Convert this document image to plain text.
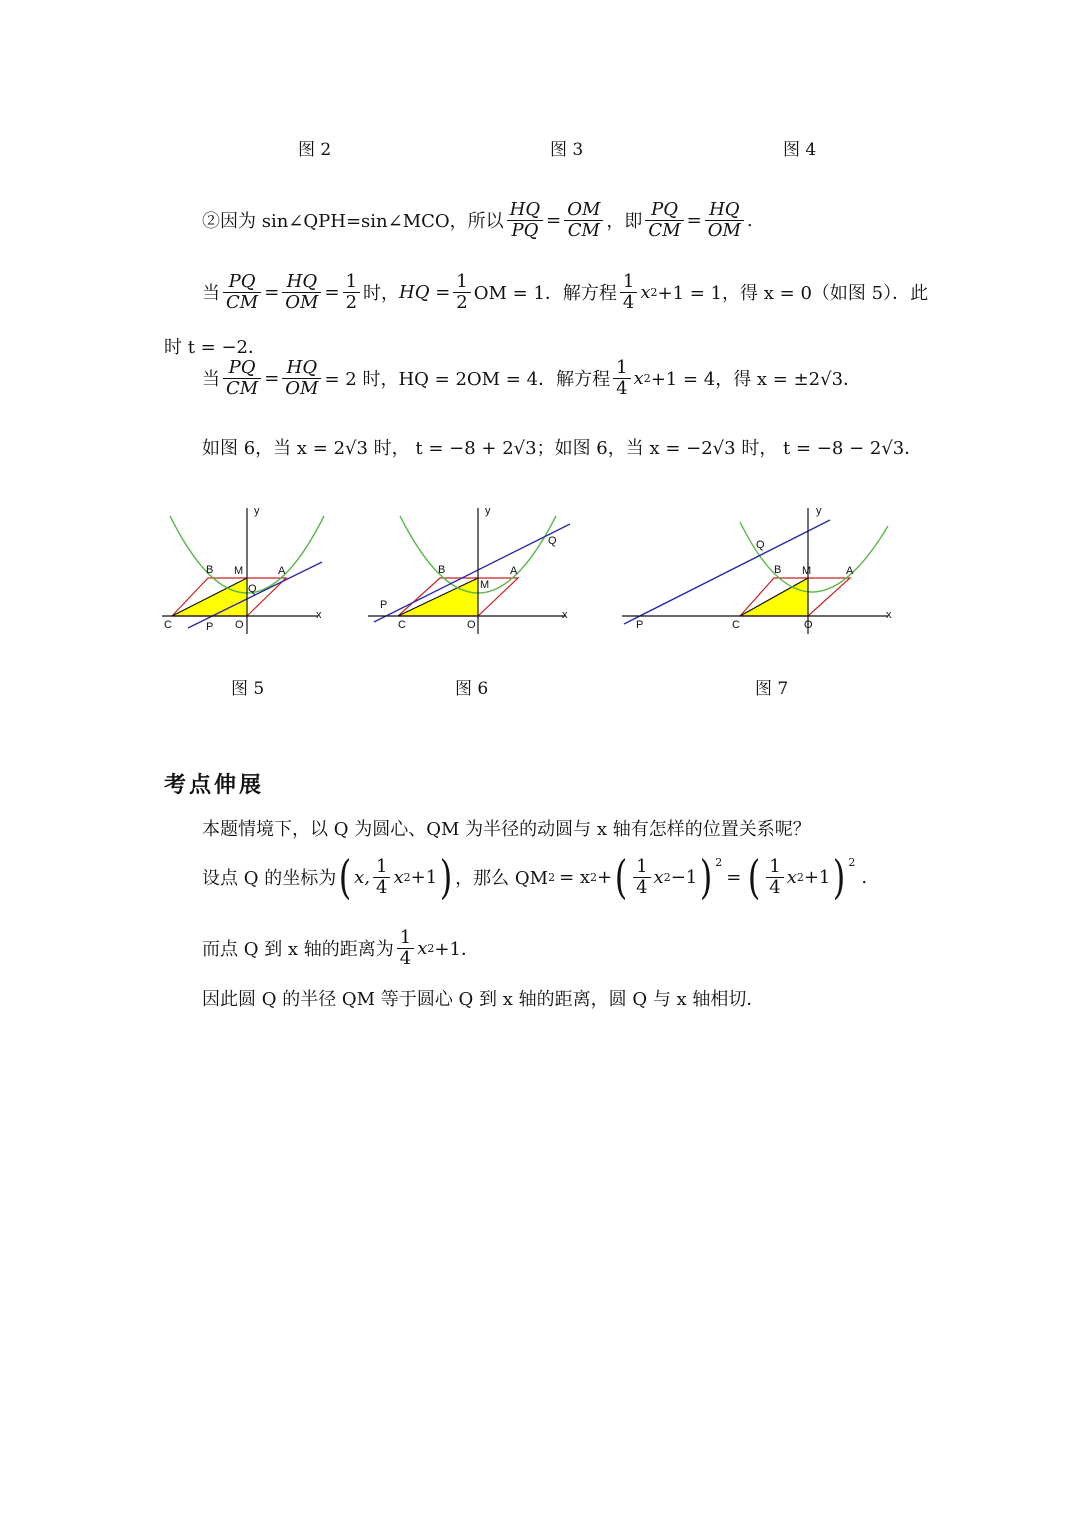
图 2	图 3	图 4
②因为 sin∠QPH=sin∠MCO，所以 $\frac{HQ}{PQ} = \frac{OM}{CM}$ ，即 $\frac{PQ}{CM} = \frac{HQ}{OM}$ .
当 $\frac{PQ}{CM} = \frac{HQ}{OM} = \frac{1}{2}$ 时， HQ = $\frac{1}{2}$ OM = 1．解方程 $\frac{1}{4}$ x 2 +1 = 1，得 x = 0（如图 5）．此
时 t = −2．
当 $\frac{PQ}{CM} = \frac{HQ}{OM} = 2$ 时， HQ = 2OM = 4．解方程 $\frac{1}{4}$ x 2 +1 = 4，得 x = ±2√3．
如图 6，当 x = 2√3 时， t = −8 + 2√3；如图 6，当 x = −2√3 时， t = −8 − 2√3．
y
x
B M	A
Q
C	P O
y
x
B
M
A
Q
P
C	O
y
x
Q
B M	A
P	C	O
图 5	图 6	图 7
考点伸展
本题情境下，以 Q 为圆心、QM 为半径的动圆与 x 轴有怎样的位置关系呢？
设点 Q 的坐标为 ( x, $\frac{1}{4}$ x 2 +1 ) ，那么 QM 2 = x 2 + ( $\frac{1}{4}$ x 2 −1 )$^2$
= ( $\frac{1}{4}$ x 2 +1 )$^2$
.
而点 Q 到 x 轴的距离为 $\frac{1}{4}$ x 2 +1．
因此圆 Q 的半径 QM 等于圆心 Q 到 x 轴的距离，圆 Q 与 x 轴相切．
